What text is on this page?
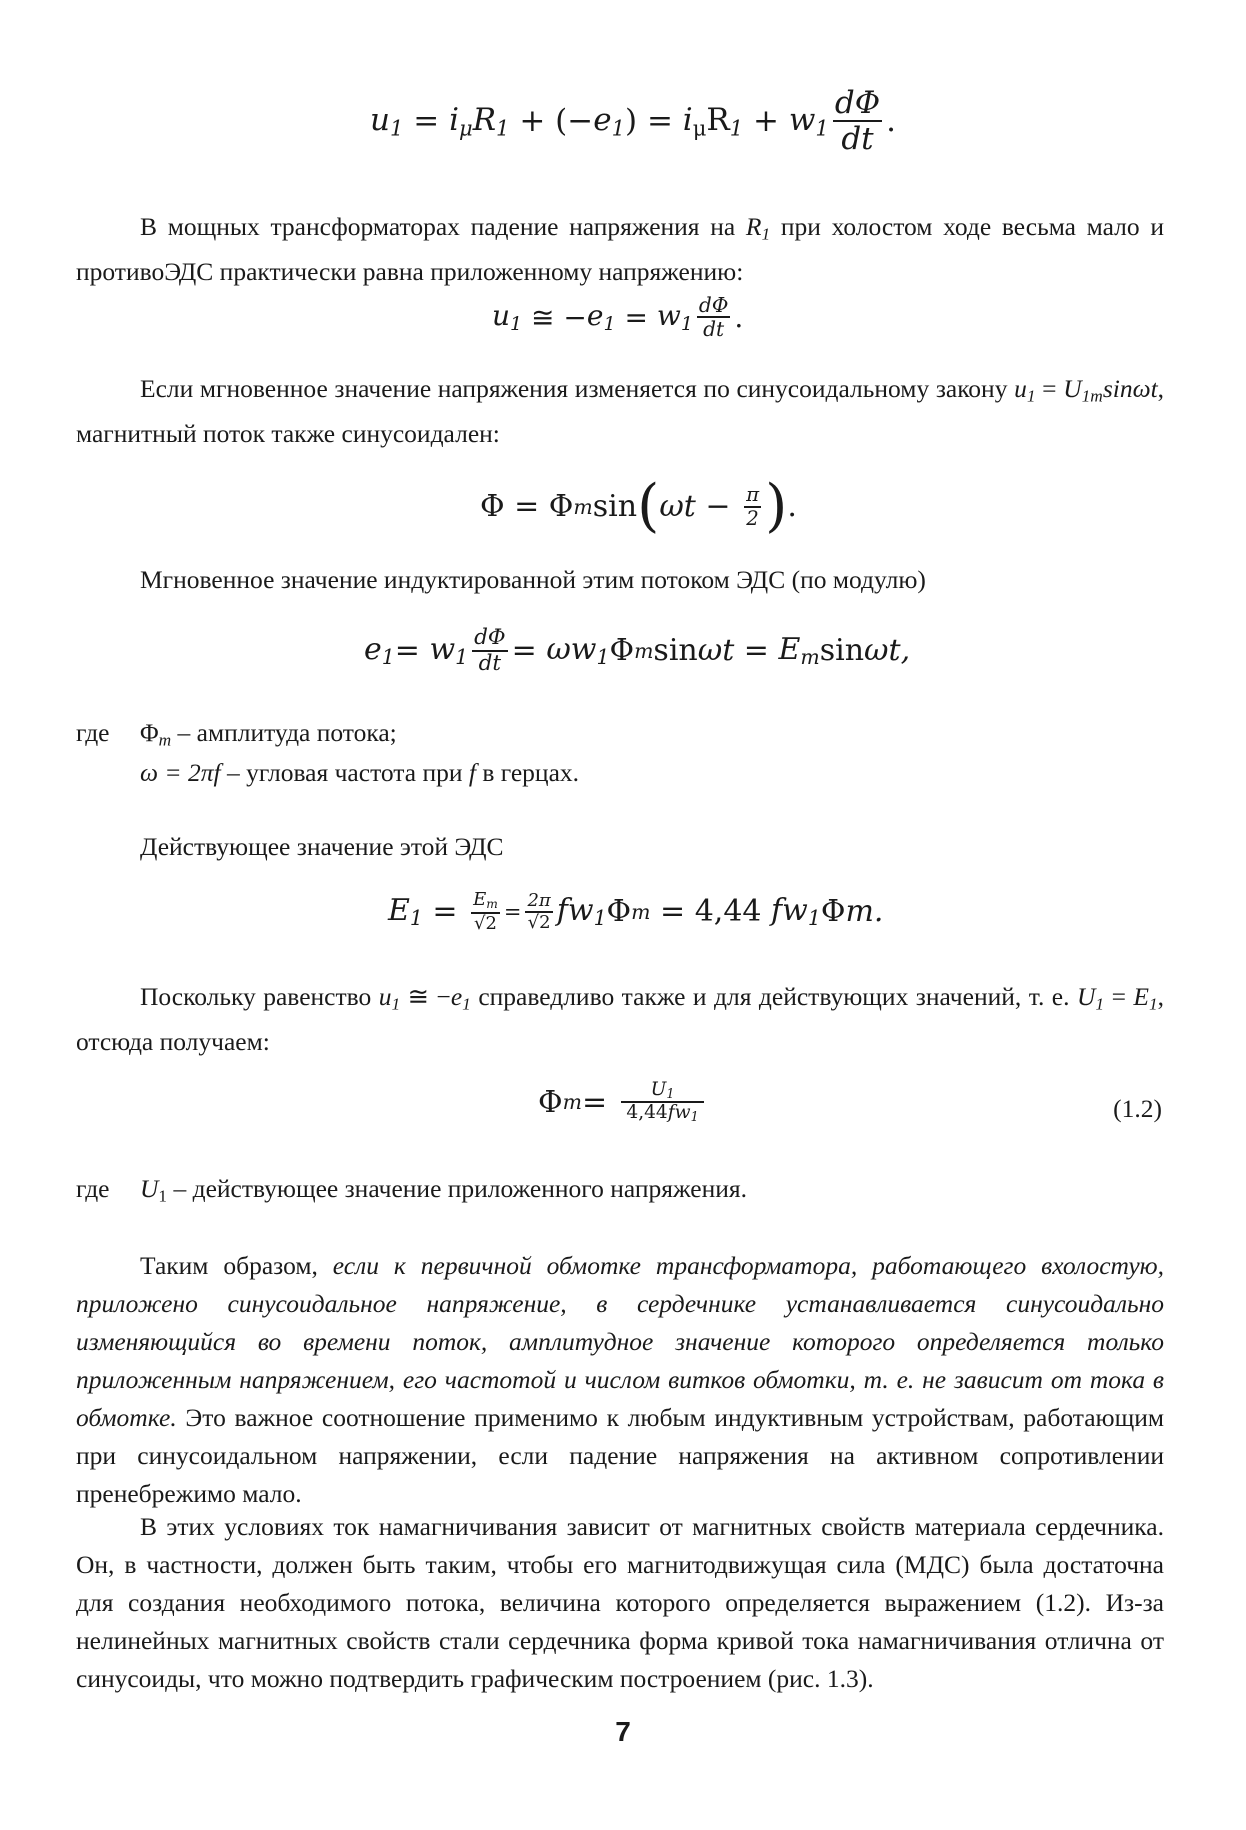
$u_1 = i_\mu R_1$ + (− $e_1$ ) = $i_\mu R_1 + w_1 \frac{d\Phi}{dt}$ .
В мощных трансформаторах падение напряжения на $R_1$ при холостом ходе весьма мало и противоЭДС практически равна приложенному напряжению:
$u_1$ ≅ − $e_1 = w_1 \frac{d\Phi}{dt}$ .
Если мгновенное значение напряжения изменяется по синусоидальному закону $u_1 = U_{1m}\sin\omega t$, магнитный поток также синусоидален:
Φ = Φ m sin ( $\omega t - \frac{\pi}{2}$ ) .
Мгновенное значение индуктированной этим потоком ЭДС (по модулю)
$e_1 = w_1 \frac{d\Phi}{dt} = \omega w_1$ Φ m $\sin \omega t = E_m$ sin ωt,
где $\Phi_m$ – амплитуда потока;
ω = 2πf – угловая частота при f в герцах.
Действующее значение этой ЭДС
$E_1 = \frac{E_m}{√2} = \frac{2\pi}{√2} fw_1$ Φ m = 4,44 $fw_1$ Φ m.
Поскольку равенство $u_1$ ≅ $-e_1$ справедливо также и для действующих значений, т. е. $U_1 = E_1$, отсюда получаем:
Φ $m = \frac{U_1}{4,44fw_1}$	(1.2)
где $U_1$ – действующее значение приложенного напряжения.
Таким образом, если к первичной обмотке трансформатора, работающего вхолостую, приложено синусоидальное напряжение, в сердечнике устанавливается синусоидально изменяющийся во времени поток, амплитудное значение которого определяется только приложенным напряжением, его частотой и числом витков обмотки, т. е. не зависит от тока в обмотке. Это важное соотношение применимо к любым индуктивным устройствам, работающим при синусоидальном напряжении, если падение напряжения на активном сопротивлении пренебрежимо мало.
В этих условиях ток намагничивания зависит от магнитных свойств материала сердечника. Он, в частности, должен быть таким, чтобы его магнитодвижущая сила (МДС) была достаточна для создания необходимого потока, величина которого определяется выражением (1.2). Из-за нелинейных магнитных свойств стали сердечника форма кривой тока намагничивания отлична от синусоиды, что можно подтвердить графическим построением (рис. 1.3).
7
